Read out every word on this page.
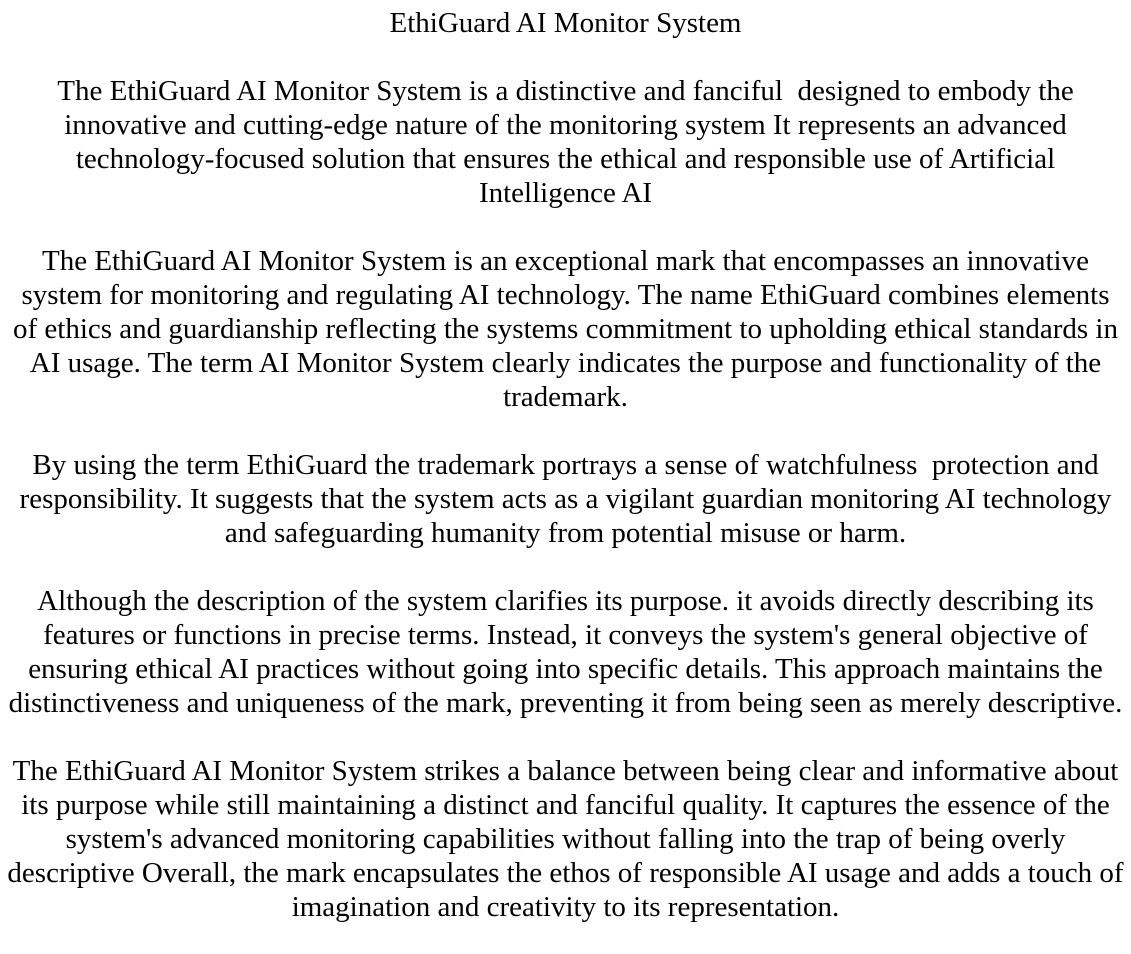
EthiGuard AI Monitor System

The EthiGuard AI Monitor System is a distinctive and fanciful  designed to embody the innovative and cutting-edge nature of the monitoring system It represents an advanced technology-focused solution that ensures the ethical and responsible use of Artificial Intelligence AI

The EthiGuard AI Monitor System is an exceptional mark that encompasses an innovative system for monitoring and regulating AI technology. The name EthiGuard combines elements of ethics and guardianship reflecting the systems commitment to upholding ethical standards in AI usage. The term AI Monitor System clearly indicates the purpose and functionality of the trademark.

By using the term EthiGuard the trademark portrays a sense of watchfulness  protection and responsibility. It suggests that the system acts as a vigilant guardian monitoring AI technology and safeguarding humanity from potential misuse or harm.

Although the description of the system clarifies its purpose. it avoids directly describing its features or functions in precise terms. Instead, it conveys the system's general objective of ensuring ethical AI practices without going into specific details. This approach maintains the distinctiveness and uniqueness of the mark, preventing it from being seen as merely descriptive.

The EthiGuard AI Monitor System strikes a balance between being clear and informative about its purpose while still maintaining a distinct and fanciful quality. It captures the essence of the system's advanced monitoring capabilities without falling into the trap of being overly descriptive Overall, the mark encapsulates the ethos of responsible AI usage and adds a touch of imagination and creativity to its representation.
